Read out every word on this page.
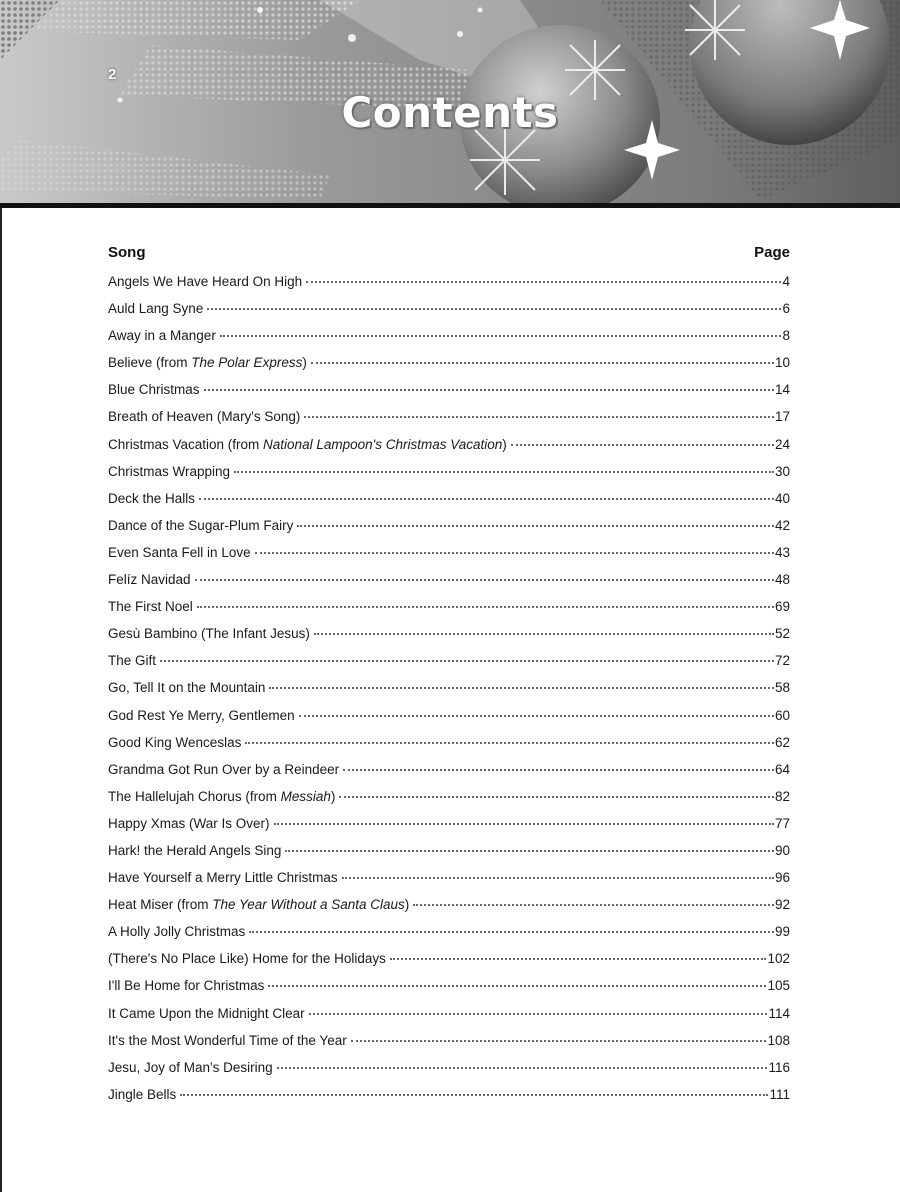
2
Contents
Song	Page
Angels We Have Heard On High	4
Auld Lang Syne	6
Away in a Manger	8
Believe (from The Polar Express)	10
Blue Christmas	14
Breath of Heaven (Mary's Song)	17
Christmas Vacation (from National Lampoon's Christmas Vacation)	24
Christmas Wrapping	30
Deck the Halls	40
Dance of the Sugar-Plum Fairy	42
Even Santa Fell in Love	43
Felíz Navidad	48
The First Noel	69
Gesù Bambino (The Infant Jesus)	52
The Gift	72
Go, Tell It on the Mountain	58
God Rest Ye Merry, Gentlemen	60
Good King Wenceslas	62
Grandma Got Run Over by a Reindeer	64
The Hallelujah Chorus (from Messiah)	82
Happy Xmas (War Is Over)	77
Hark! the Herald Angels Sing	90
Have Yourself a Merry Little Christmas	96
Heat Miser (from The Year Without a Santa Claus)	92
A Holly Jolly Christmas	99
(There's No Place Like) Home for the Holidays	102
I'll Be Home for Christmas	105
It Came Upon the Midnight Clear	114
It's the Most Wonderful Time of the Year	108
Jesu, Joy of Man's Desiring	116
Jingle Bells	111
